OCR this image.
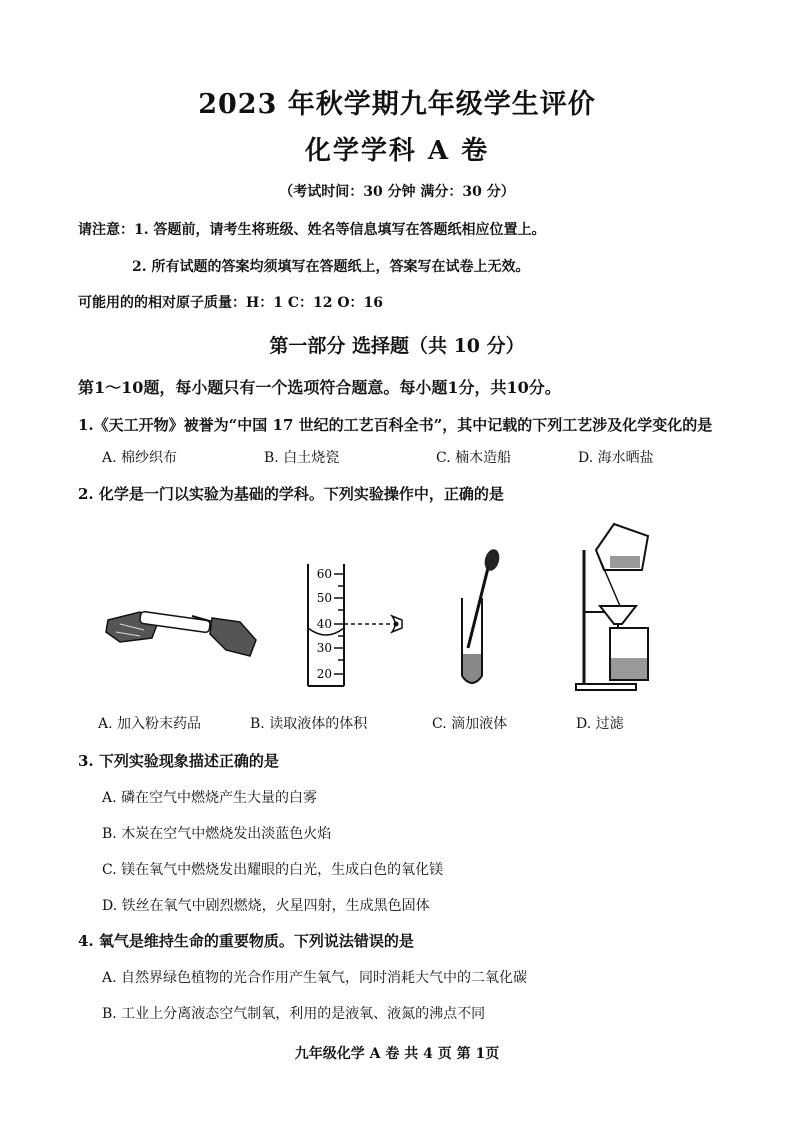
2023 年秋学期九年级学生评价
化学学科 A 卷
（考试时间：30 分钟 满分：30 分）
请注意：1. 答题前，请考生将班级、姓名等信息填写在答题纸相应位置上。
2. 所有试题的答案均须填写在答题纸上，答案写在试卷上无效。
可能用的的相对原子质量：H：1 C：12 O：16
第一部分 选择题（共 10 分）
第1～10题，每小题只有一个选项符合题意。每小题1分，共10分。
1.《天工开物》被誉为“中国 17 世纪的工艺百科全书”，其中记载的下列工艺涉及化学变化的是
A. 棉纱织布	B. 白土烧瓷	C. 楠木造船	D. 海水晒盐
2. 化学是一门以实验为基础的学科。下列实验操作中，正确的是
60
50
40
30
20
A. 加入粉末药品	B. 读取液体的体积	C. 滴加液体	D. 过滤
3. 下列实验现象描述正确的是
A. 磷在空气中燃烧产生大量的白雾
B. 木炭在空气中燃烧发出淡蓝色火焰
C. 镁在氧气中燃烧发出耀眼的白光，生成白色的氧化镁
D. 铁丝在氧气中剧烈燃烧，火星四射，生成黑色固体
4. 氧气是维持生命的重要物质。下列说法错误的是
A. 自然界绿色植物的光合作用产生氧气，同时消耗大气中的二氧化碳
B. 工业上分离液态空气制氧，利用的是液氧、液氮的沸点不同
九年级化学 A 卷 共 4 页 第 1页
